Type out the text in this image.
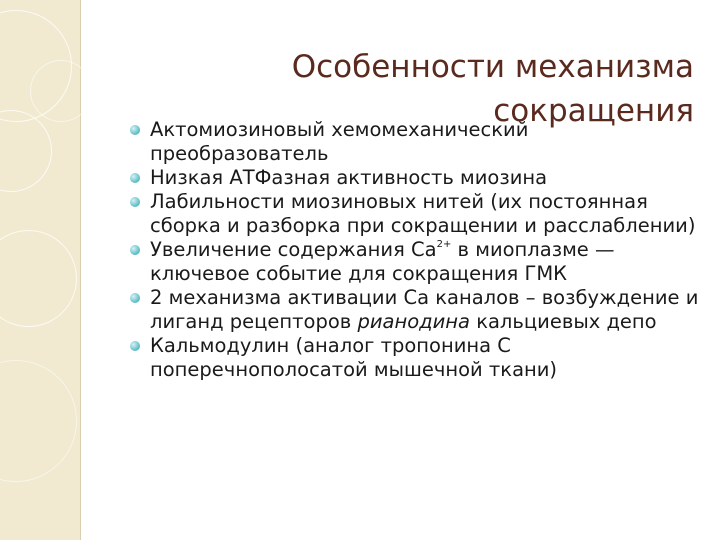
Особенности механизма
сокращения
Актомиозиновый хемомеханический преобразователь
Низкая АТФазная активность миозина
Лабильности миозиновых нитей (их постоянная сборка и разборка при сокращении и расслаблении)
Увеличение содержания $Са^{2+}$ в миоплазме — ключевое событие для сокращения ГМК
2 механизма активации Са каналов – возбуждение и лиганд рецепторов рианодина кальциевых депо
Кальмодулин (аналог тропонина С поперечнополосатой мышечной ткани)
